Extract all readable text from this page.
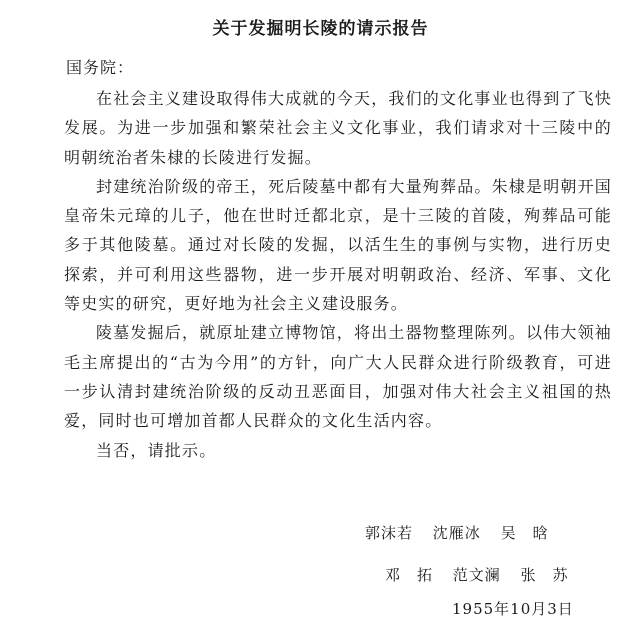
关于发掘明长陵的请示报告
国务院：

在社会主义建设取得伟大成就的今天，我们的文化事业也得到了飞快发展。为进一步加强和繁荣社会主义文化事业，我们请求对十三陵中的明朝统治者朱棣的长陵进行发掘。

封建统治阶级的帝王，死后陵墓中都有大量殉葬品。朱棣是明朝开国皇帝朱元璋的儿子，他在世时迁都北京，是十三陵的首陵，殉葬品可能多于其他陵墓。通过对长陵的发掘，以活生生的事例与实物，进行历史探索，并可利用这些器物，进一步开展对明朝政治、经济、军事、文化等史实的研究，更好地为社会主义建设服务。

陵墓发掘后，就原址建立博物馆，将出土器物整理陈列。以伟大领袖毛主席提出的“古为今用”的方针，向广大人民群众进行阶级教育，可进一步认清封建统治阶级的反动丑恶面目，加强对伟大社会主义祖国的热爱，同时也可增加首都人民群众的文化生活内容。

当否，请批示。

郭沫若 沈雁冰 吴　晗
邓　拓 范文澜 张　苏
1955年10月3日
